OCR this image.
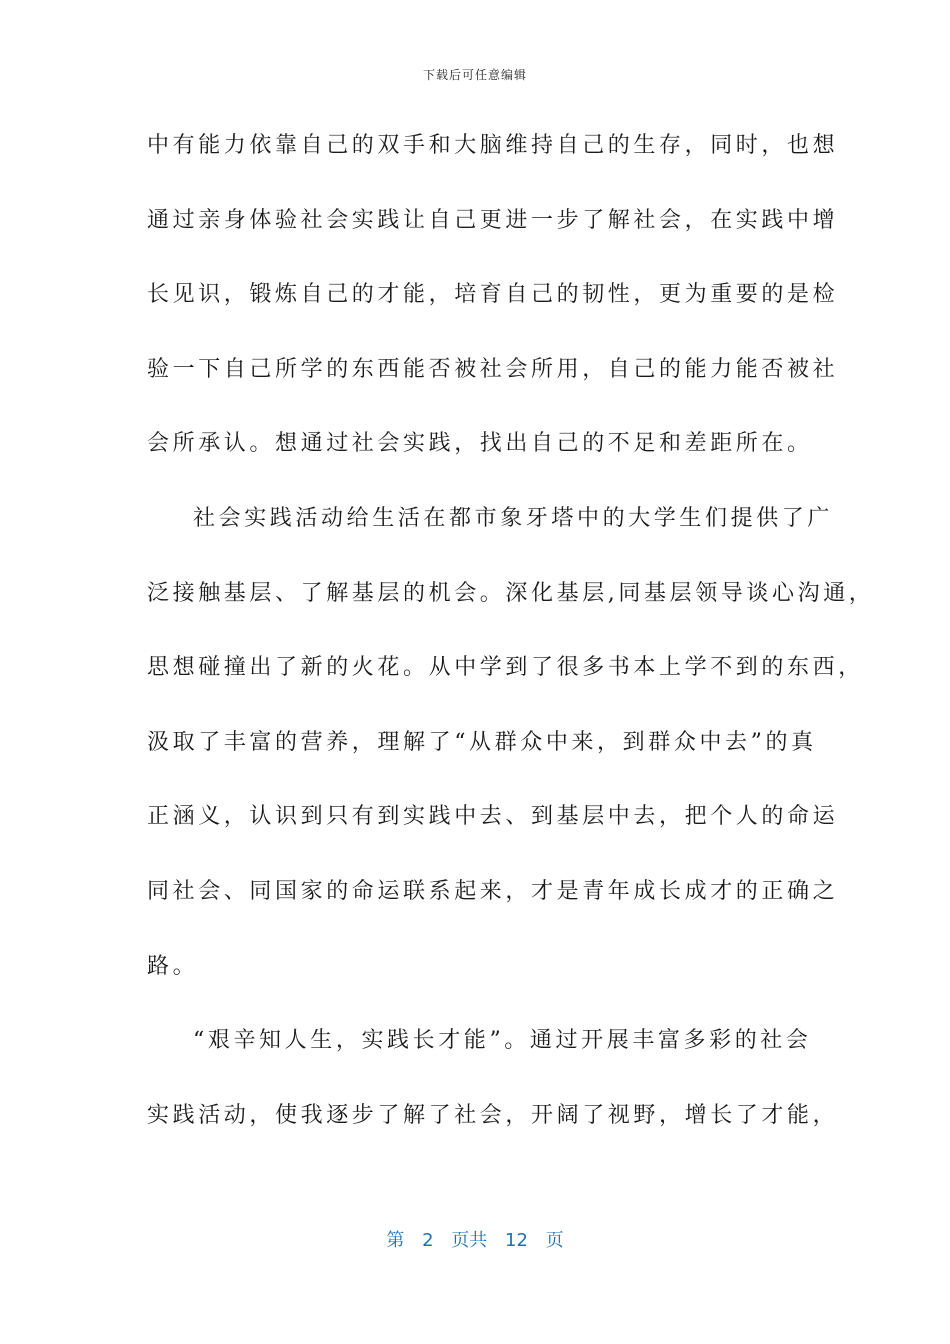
下载后可任意编辑
中有能力依靠自己的双手和大脑维持自己的生存，同时，也想
通过亲身体验社会实践让自己更进一步了解社会，在实践中增
长见识，锻炼自己的才能，培育自己的韧性，更为重要的是检
验一下自己所学的东西能否被社会所用，自己的能力能否被社
会所承认。想通过社会实践，找出自己的不足和差距所在。
社会实践活动给生活在都市象牙塔中的大学生们提供了广
泛接触基层、了解基层的机会。深化基层,同基层领导谈心沟通，
思想碰撞出了新的火花。从中学到了很多书本上学不到的东西，
汲取了丰富的营养，理解了“从群众中来，到群众中去”的真
正涵义，认识到只有到实践中去、到基层中去，把个人的命运
同社会、同国家的命运联系起来，才是青年成长成才的正确之
路。
“艰辛知人生，实践长才能”。通过开展丰富多彩的社会
实践活动，使我逐步了解了社会，开阔了视野，增长了才能，
第 2 页共 12 页
